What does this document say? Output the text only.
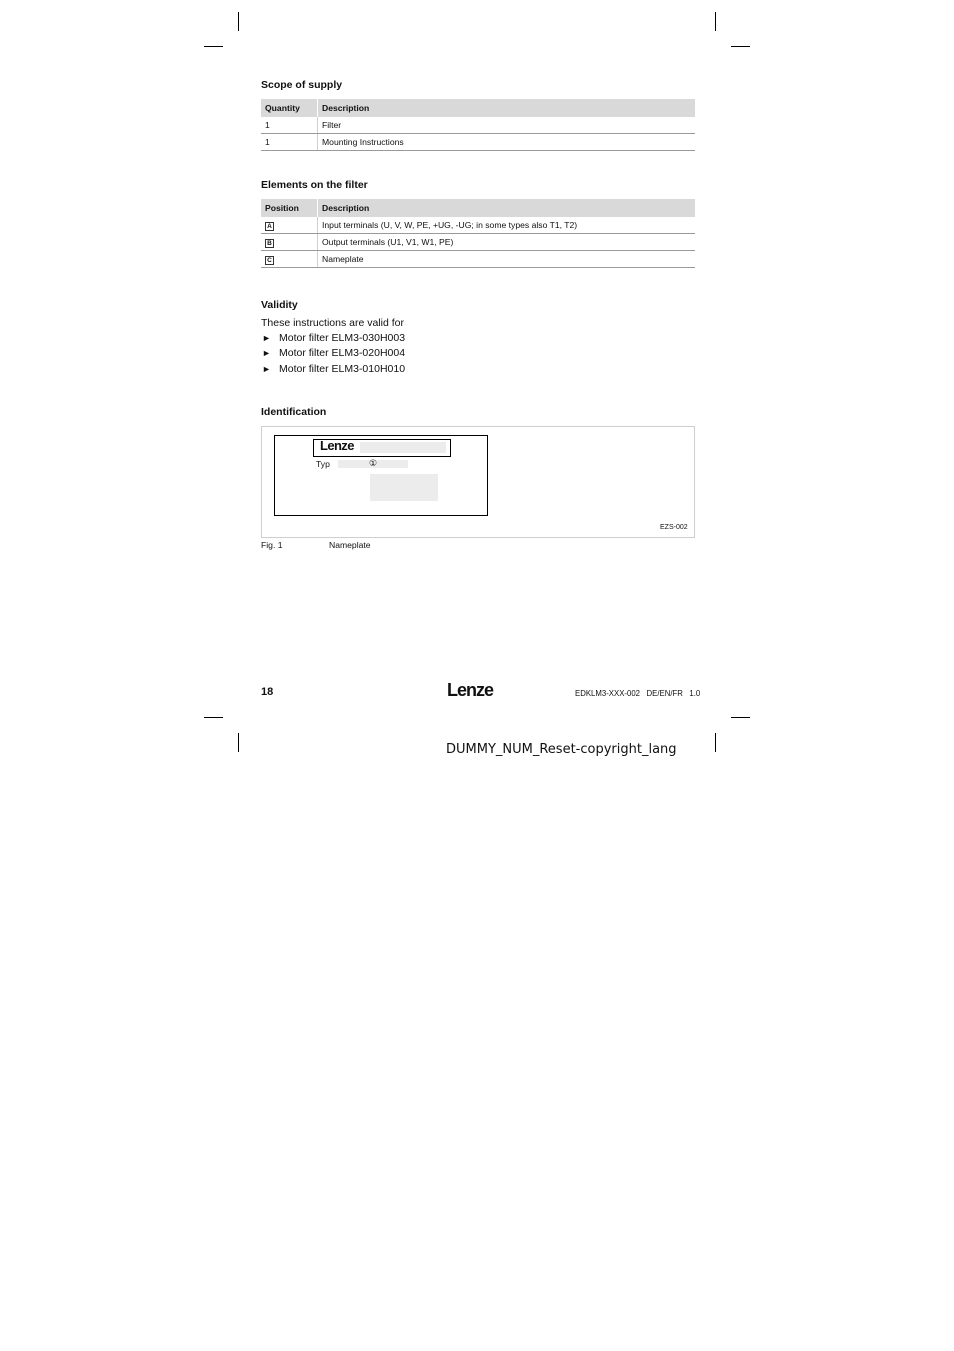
Scope of supply
Quantity	Description
1	Filter
1	Mounting Instructions
Elements on the filter
Position	Description
A	Input terminals (U, V, W, PE, +UG, -UG; in some types also T1, T2)
B	Output terminals (U1, V1, W1, PE)
C	Nameplate
Validity
These instructions are valid for
► Motor filter ELM3-030H003
► Motor filter ELM3-020H004
► Motor filter ELM3-010H010
Identification
Lenze
Typ	①
EZS-002
Fig. 1	Nameplate
18	Lenze	EDKLM3-XXX-002   DE/EN/FR   1.0
DUMMY_NUM_Reset-copyright_lang
